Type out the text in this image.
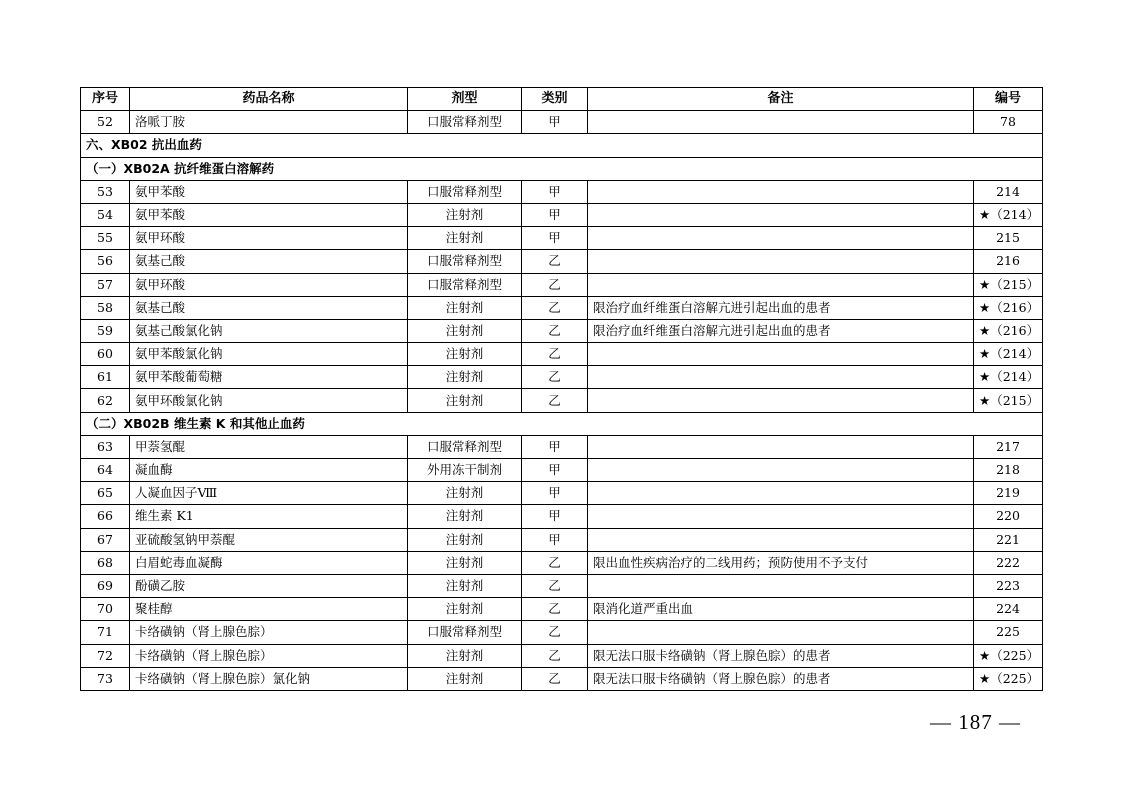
序号	药品名称	剂型	类别	备注	编号
52	洛哌丁胺	口服常释剂型	甲		78
六、XB02 抗出血药					
（一）XB02A 抗纤维蛋白溶解药					
53	氨甲苯酸	口服常释剂型	甲		214
54	氨甲苯酸	注射剂	甲		★（214）
55	氨甲环酸	注射剂	甲		215
56	氨基己酸	口服常释剂型	乙		216
57	氨甲环酸	口服常释剂型	乙		★（215）
58	氨基己酸	注射剂	乙	限治疗血纤维蛋白溶解亢进引起出血的患者	★（216）
59	氨基己酸氯化钠	注射剂	乙	限治疗血纤维蛋白溶解亢进引起出血的患者	★（216）
60	氨甲苯酸氯化钠	注射剂	乙		★（214）
61	氨甲苯酸葡萄糖	注射剂	乙		★（214）
62	氨甲环酸氯化钠	注射剂	乙		★（215）
（二）XB02B 维生素 K 和其他止血药					
63	甲萘氢醌	口服常释剂型	甲		217
64	凝血酶	外用冻干制剂	甲		218
65	人凝血因子Ⅷ	注射剂	甲		219
66	维生素 K1	注射剂	甲		220
67	亚硫酸氢钠甲萘醌	注射剂	甲		221
68	白眉蛇毒血凝酶	注射剂	乙	限出血性疾病治疗的二线用药；预防使用不予支付	222
69	酚磺乙胺	注射剂	乙		223
70	聚桂醇	注射剂	乙	限消化道严重出血	224
71	卡络磺钠（肾上腺色腙）	口服常释剂型	乙		225
72	卡络磺钠（肾上腺色腙）	注射剂	乙	限无法口服卡络磺钠（肾上腺色腙）的患者	★（225）
73	卡络磺钠（肾上腺色腙）氯化钠	注射剂	乙	限无法口服卡络磺钠（肾上腺色腙）的患者	★（225）
— 187 —
